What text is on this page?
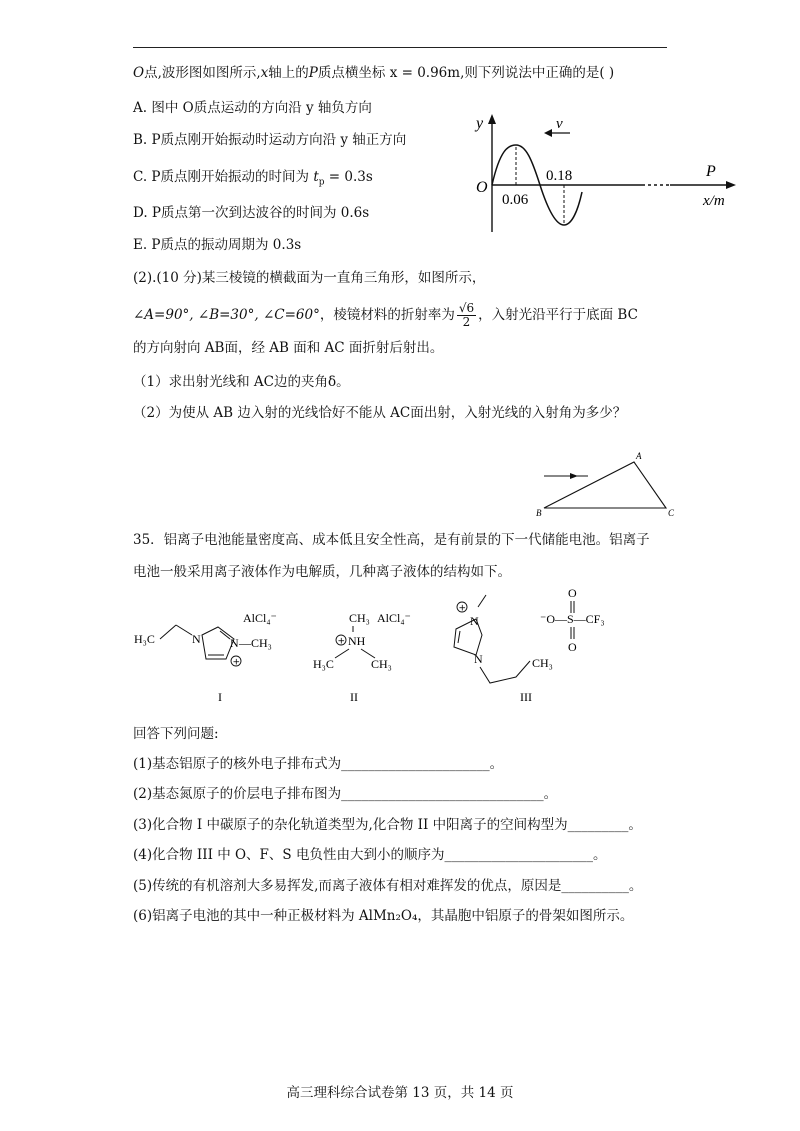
O点,波形图如图所示,x轴上的P质点横坐标 x = 0.96m,则下列说法中正确的是( )
A. 图中 O质点运动的方向沿 y 轴负方向
B. P质点刚开始振动时运动方向沿 y 轴正方向
C. P质点刚开始振动的时间为 $t_p = 0.3s$
D. P质点第一次到达波谷的时间为 0.6s
E. P质点的振动周期为 0.3s
y	v
P
x/m
O
0.06
0.18
(2).(10 分)某三棱镜的横截面为一直角三角形，如图所示，
∠A=90°, ∠B=30°, ∠C=60°，棱镜材料的折射率为 $\frac{√6}{2}$ ，入射光沿平行于底面 BC
的方向射向 AB面，经 AB 面和 AC 面折射后射出。
（1）求出射光线和 AC边的夹角δ。
（2）为使从 AB 边入射的光线恰好不能从 AC面出射，入射光线的入射角为多少？
A
B	C
35．铝离子电池能量密度高、成本低且安全性高，是有前景的下一代储能电池。铝离子
电池一般采用离子液体作为电解质，几种离子液体的结构如下。
AlCl₄⁻
H₃C	N N —CH₃
+
I
CH₃ AlCl₄⁻
+ NH
H₃C	CH₃
II
+
N
N	CH₃
O
⁻O—S—CF₃
O
III
回答下列问题:
(1)基态铝原子的核外电子排布式为______________________。
(2)基态氮原子的价层电子排布图为______________________________。
(3)化合物 I 中碳原子的杂化轨道类型为,化合物 II 中阳离子的空间构型为_________。
(4)化合物 III 中 O、F、S 电负性由大到小的顺序为______________________。
(5)传统的有机溶剂大多易挥发,而离子液体有相对难挥发的优点，原因是__________。
(6)铝离子电池的其中一种正极材料为 AlMn₂O₄，其晶胞中铝原子的骨架如图所示。
高三理科综合试卷第 13 页，共 14 页
